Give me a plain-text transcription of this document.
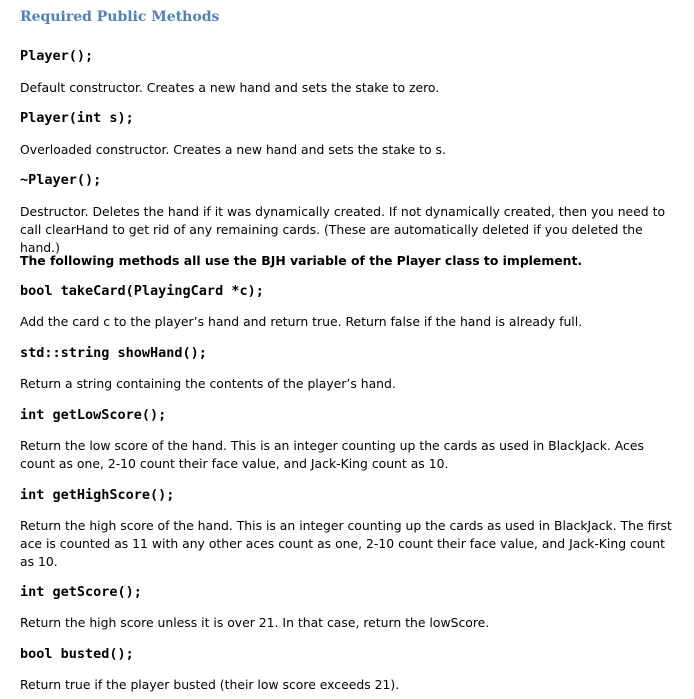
Required Public Methods
Player();
Default constructor. Creates a new hand and sets the stake to zero.
Player(int s);
Overloaded constructor. Creates a new hand and sets the stake to s.
~Player();
Destructor. Deletes the hand if it was dynamically created. If not dynamically created, then you need to call clearHand to get rid of any remaining cards. (These are automatically deleted if you deleted the hand.)
The following methods all use the BJH variable of the Player class to implement.
bool takeCard(PlayingCard *c);
Add the card c to the player’s hand and return true. Return false if the hand is already full.
std::string showHand();
Return a string containing the contents of the player’s hand.
int getLowScore();
Return the low score of the hand. This is an integer counting up the cards as used in BlackJack. Aces count as one, 2-10 count their face value, and Jack-King count as 10.
int getHighScore();
Return the high score of the hand. This is an integer counting up the cards as used in BlackJack. The first ace is counted as 11 with any other aces count as one, 2-10 count their face value, and Jack-King count as 10.
int getScore();
Return the high score unless it is over 21. In that case, return the lowScore.
bool busted();
Return true if the player busted (their low score exceeds 21).
